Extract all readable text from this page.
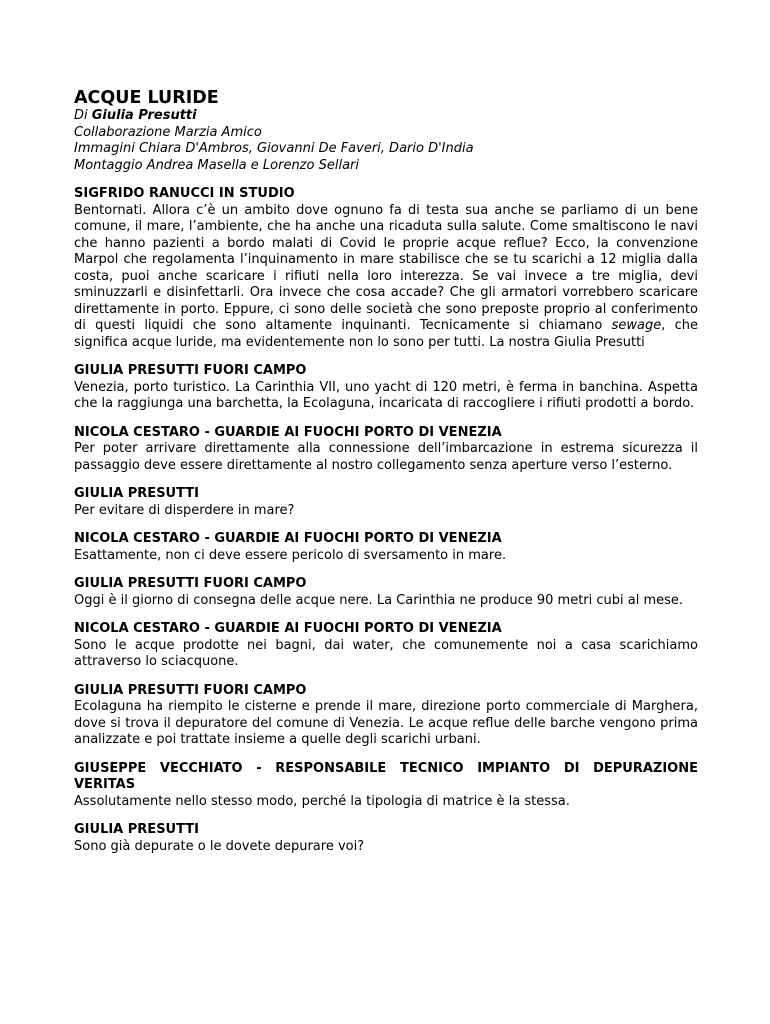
ACQUE LURIDE

Di Giulia Presutti

Collaborazione Marzia Amico

Immagini Chiara D'Ambros, Giovanni De Faveri, Dario D'India

Montaggio Andrea Masella e Lorenzo Sellari

SIGFRIDO RANUCCI IN STUDIO

Bentornati. Allora c’è un ambito dove ognuno fa di testa sua anche se parliamo di un bene comune, il mare, l’ambiente, che ha anche una ricaduta sulla salute. Come smaltiscono le navi che hanno pazienti a bordo malati di Covid le proprie acque reflue? Ecco, la convenzione Marpol che regolamenta l’inquinamento in mare stabilisce che se tu scarichi a 12 miglia dalla costa, puoi anche scaricare i rifiuti nella loro interezza. Se vai invece a tre miglia, devi sminuzzarli e disinfettarli. Ora invece che cosa accade? Che gli armatori vorrebbero scaricare direttamente in porto. Eppure, ci sono delle società che sono preposte proprio al conferimento di questi liquidi che sono altamente inquinanti. Tecnicamente si chiamano sewage, che significa acque luride, ma evidentemente non lo sono per tutti. La nostra Giulia Presutti

GIULIA PRESUTTI FUORI CAMPO

Venezia, porto turistico. La Carinthia VII, uno yacht di 120 metri, è ferma in banchina. Aspetta che la raggiunga una barchetta, la Ecolaguna, incaricata di raccogliere i rifiuti prodotti a bordo.

NICOLA CESTARO - GUARDIE AI FUOCHI PORTO DI VENEZIA

Per poter arrivare direttamente alla connessione dell’imbarcazione in estrema sicurezza il passaggio deve essere direttamente al nostro collegamento senza aperture verso l’esterno.

GIULIA PRESUTTI

Per evitare di disperdere in mare?

NICOLA CESTARO - GUARDIE AI FUOCHI PORTO DI VENEZIA

Esattamente, non ci deve essere pericolo di sversamento in mare.

GIULIA PRESUTTI FUORI CAMPO

Oggi è il giorno di consegna delle acque nere. La Carinthia ne produce 90 metri cubi al mese.

NICOLA CESTARO - GUARDIE AI FUOCHI PORTO DI VENEZIA

Sono le acque prodotte nei bagni, dai water, che comunemente noi a casa scarichiamo attraverso lo sciacquone.

GIULIA PRESUTTI FUORI CAMPO

Ecolaguna ha riempito le cisterne e prende il mare, direzione porto commerciale di Marghera, dove si trova il depuratore del comune di Venezia. Le acque reflue delle barche vengono prima analizzate e poi trattate insieme a quelle degli scarichi urbani.

GIUSEPPE VECCHIATO - RESPONSABILE TECNICO IMPIANTO DI DEPURAZIONE VERITAS

Assolutamente nello stesso modo, perché la tipologia di matrice è la stessa.

GIULIA PRESUTTI

Sono già depurate o le dovete depurare voi?
